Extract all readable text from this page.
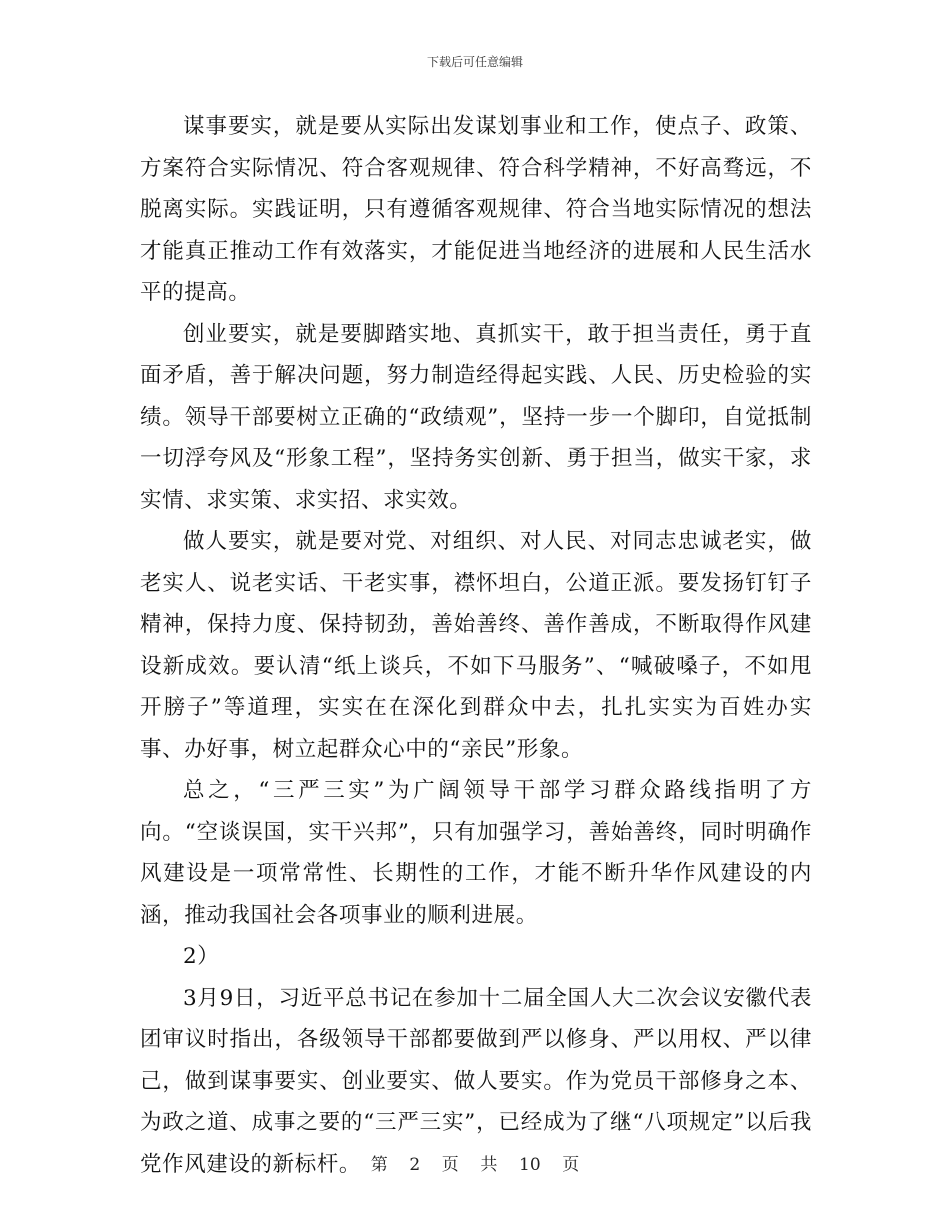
下载后可任意编辑

谋事要实，就是要从实际出发谋划事业和工作，使点子、政策、方案符合实际情况、符合客观规律、符合科学精神，不好高骛远，不脱离实际。实践证明，只有遵循客观规律、符合当地实际情况的想法才能真正推动工作有效落实，才能促进当地经济的进展和人民生活水平的提高。

创业要实，就是要脚踏实地、真抓实干，敢于担当责任，勇于直面矛盾，善于解决问题，努力制造经得起实践、人民、历史检验的实绩。领导干部要树立正确的“政绩观”，坚持一步一个脚印，自觉抵制一切浮夸风及“形象工程”，坚持务实创新、勇于担当，做实干家，求实情、求实策、求实招、求实效。

做人要实，就是要对党、对组织、对人民、对同志忠诚老实，做老实人、说老实话、干老实事，襟怀坦白，公道正派。要发扬钉钉子精神，保持力度、保持韧劲，善始善终、善作善成，不断取得作风建设新成效。要认清“纸上谈兵，不如下马服务”、“喊破嗓子，不如甩开膀子”等道理，实实在在深化到群众中去，扎扎实实为百姓办实事、办好事，树立起群众心中的“亲民”形象。

总之，“三严三实”为广阔领导干部学习群众路线指明了方向。“空谈误国，实干兴邦”，只有加强学习，善始善终，同时明确作风建设是一项常常性、长期性的工作，才能不断升华作风建设的内涵，推动我国社会各项事业的顺利进展。

2）

3月9日，习近平总书记在参加十二届全国人大二次会议安徽代表团审议时指出，各级领导干部都要做到严以修身、严以用权、严以律己，做到谋事要实、创业要实、做人要实。作为党员干部修身之本、为政之道、成事之要的“三严三实”，已经成为了继“八项规定”以后我党作风建设的新标杆。 第 2 页 共 10 页
